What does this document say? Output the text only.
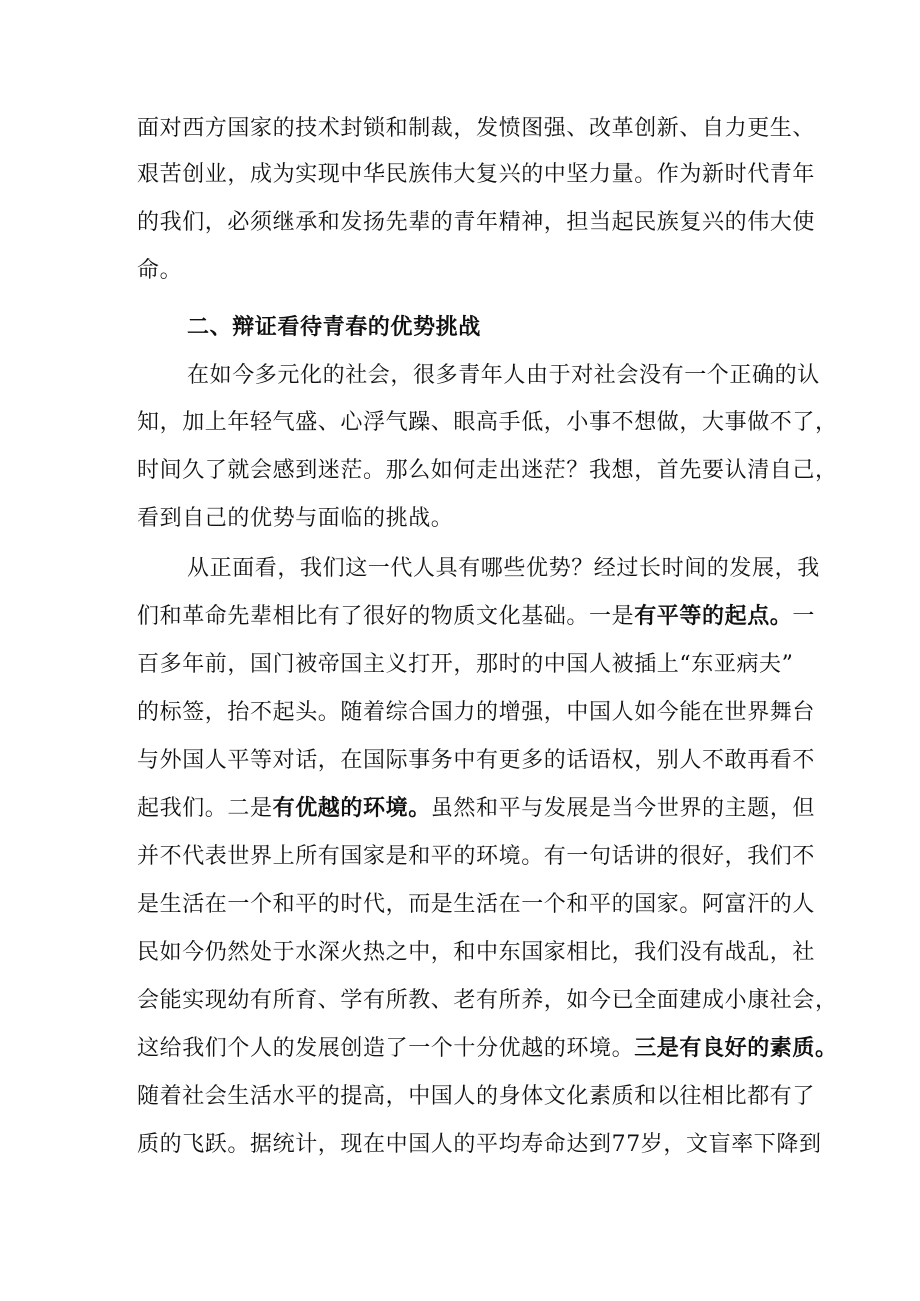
面对西方国家的技术封锁和制裁，发愤图强、改革创新、自力更生、
艰苦创业，成为实现中华民族伟大复兴的中坚力量。作为新时代青年
的我们，必须继承和发扬先辈的青年精神，担当起民族复兴的伟大使
命。
二、辩证看待青春的优势挑战
在如今多元化的社会，很多青年人由于对社会没有一个正确的认
知，加上年轻气盛、心浮气躁、眼高手低，小事不想做，大事做不了，
时间久了就会感到迷茫。那么如何走出迷茫？我想，首先要认清自己，
看到自己的优势与面临的挑战。
从正面看，我们这一代人具有哪些优势？经过长时间的发展，我
们和革命先辈相比有了很好的物质文化基础。一是有平等的起点。一
百多年前，国门被帝国主义打开，那时的中国人被插上“东亚病夫”
的标签，抬不起头。随着综合国力的增强，中国人如今能在世界舞台
与外国人平等对话，在国际事务中有更多的话语权，别人不敢再看不
起我们。二是有优越的环境。虽然和平与发展是当今世界的主题，但
并不代表世界上所有国家是和平的环境。有一句话讲的很好，我们不
是生活在一个和平的时代，而是生活在一个和平的国家。阿富汗的人
民如今仍然处于水深火热之中，和中东国家相比，我们没有战乱，社
会能实现幼有所育、学有所教、老有所养，如今已全面建成小康社会，
这给我们个人的发展创造了一个十分优越的环境。三是有良好的素质。
随着社会生活水平的提高，中国人的身体文化素质和以往相比都有了
质的飞跃。据统计，现在中国人的平均寿命达到77岁，文盲率下降到
